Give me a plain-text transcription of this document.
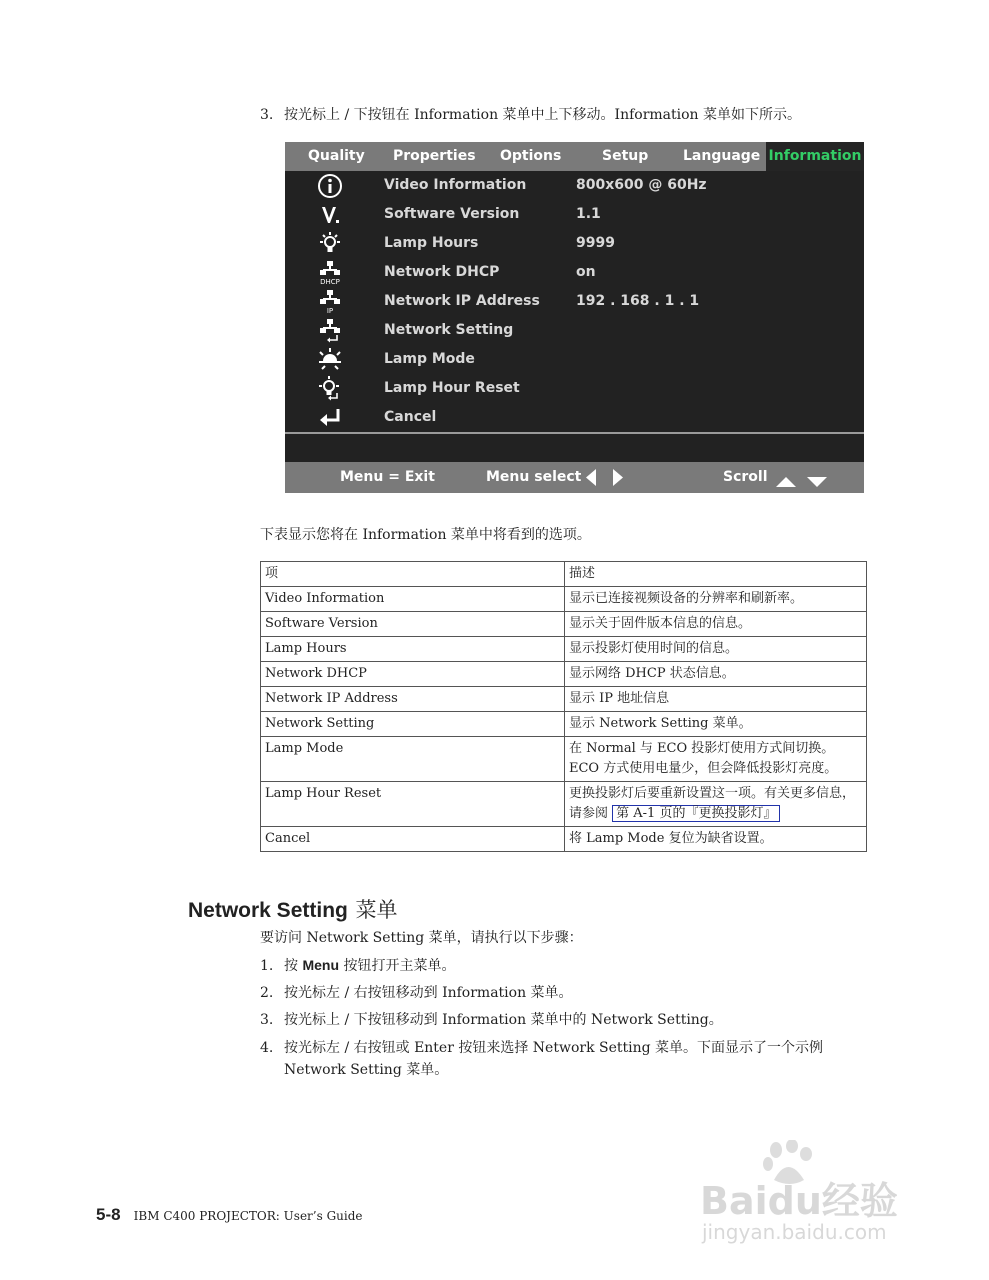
3. 按光标上 / 下按钮在 Information 菜单中上下移动。Information 菜单如下所示。
Quality Properties Options	Setup Language Information
Video Information	800x600 @ 60Hz
Software Version	1.1
Lamp Hours	9999
DHCP
Network DHCP	on
IP
Network IP Address	192 . 168 . 1 . 1
Network Setting
Lamp Mode
Lamp Hour Reset
Cancel
Menu = Exit	Menu select	Scroll
下表显示您将在 Information 菜单中将看到的选项。
项	描述
Video Information	显示已连接视频设备的分辨率和刷新率。
Software Version	显示关于固件版本信息的信息。
Lamp Hours	显示投影灯使用时间的信息。
Network DHCP	显示网络 DHCP 状态信息。
Network IP Address	显示 IP 地址信息
Network Setting	显示 Network Setting 菜单。
Lamp Mode	在 Normal 与 ECO 投影灯使用方式间切换。ECO 方式使用电量少，但会降低投影灯亮度。
Lamp Hour Reset	更换投影灯后要重新设置这一项。有关更多信息，请参阅 第 A-1 页的『更换投影灯』
Cancel	将 Lamp Mode 复位为缺省设置。
Network Setting 菜单
要访问 Network Setting 菜单，请执行以下步骤：
1. 按 Menu 按钮打开主菜单。
2. 按光标左 / 右按钮移动到 Information 菜单。
3. 按光标上 / 下按钮移动到 Information 菜单中的 Network Setting。
4. 按光标左 / 右按钮或 Enter 按钮来选择 Network Setting 菜单。下面显示了一个示例
Network Setting 菜单。
Baidu经验
jingyan.baidu.com
5-8 IBM C400 PROJECTOR: User’s Guide
